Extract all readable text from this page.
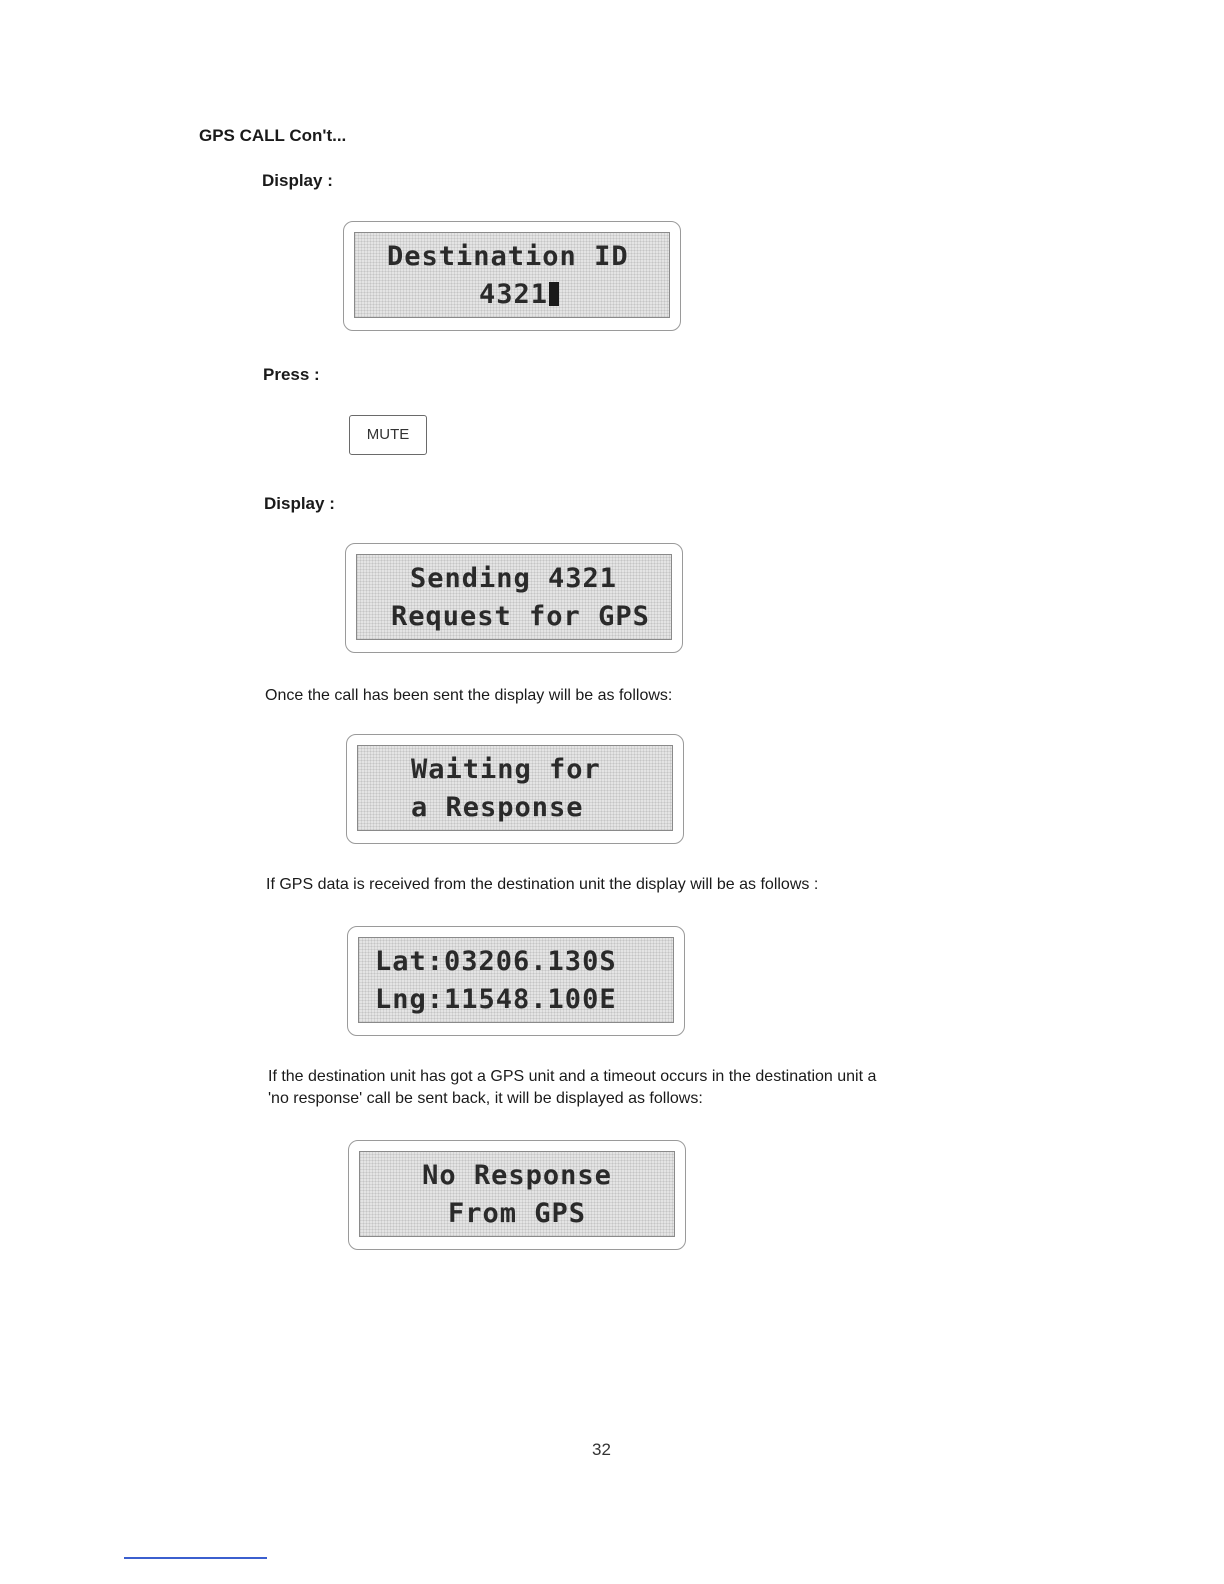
GPS CALL Con't...
Display :
Destination ID
4321
Press :
MUTE
Display :
Sending 4321
Request for GPS
Once the call has been sent the display will be as follows:
Waiting for
a Response
If GPS data is received from the destination unit the display will be as follows :
Lat:03206.130S
Lng:11548.100E
If the destination unit has got a GPS unit and a timeout occurs in the destination unit a
'no response' call be sent back, it will be displayed as follows:
No Response
From GPS
32
